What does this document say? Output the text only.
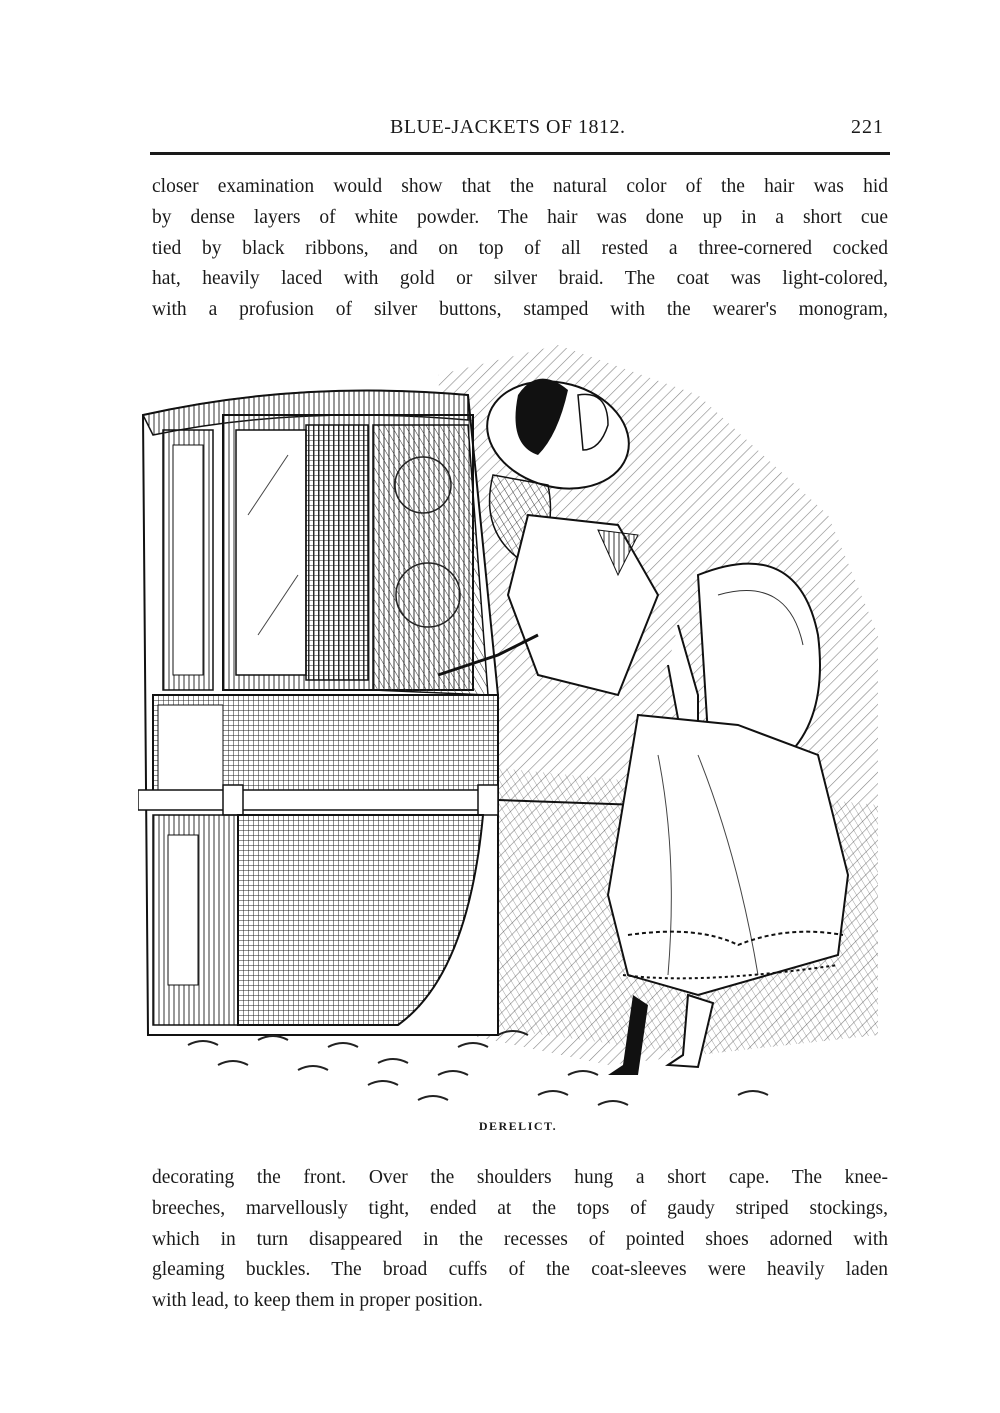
BLUE-JACKETS OF 1812.	221

closer examination would show that the natural color of the hair was hid
by dense layers of white powder. The hair was done up in a short cue
tied by black ribbons, and on top of all rested a three-cornered cocked
hat, heavily laced with gold or silver braid. The coat was light-colored,
with a profusion of silver buttons, stamped with the wearer's monogram,

DERELICT.

decorating the front. Over the shoulders hung a short cape. The knee-
breeches, marvellously tight, ended at the tops of gaudy striped stockings,
which in turn disappeared in the recesses of pointed shoes adorned with
gleaming buckles. The broad cuffs of the coat-sleeves were heavily laden
with lead, to keep them in proper position.
